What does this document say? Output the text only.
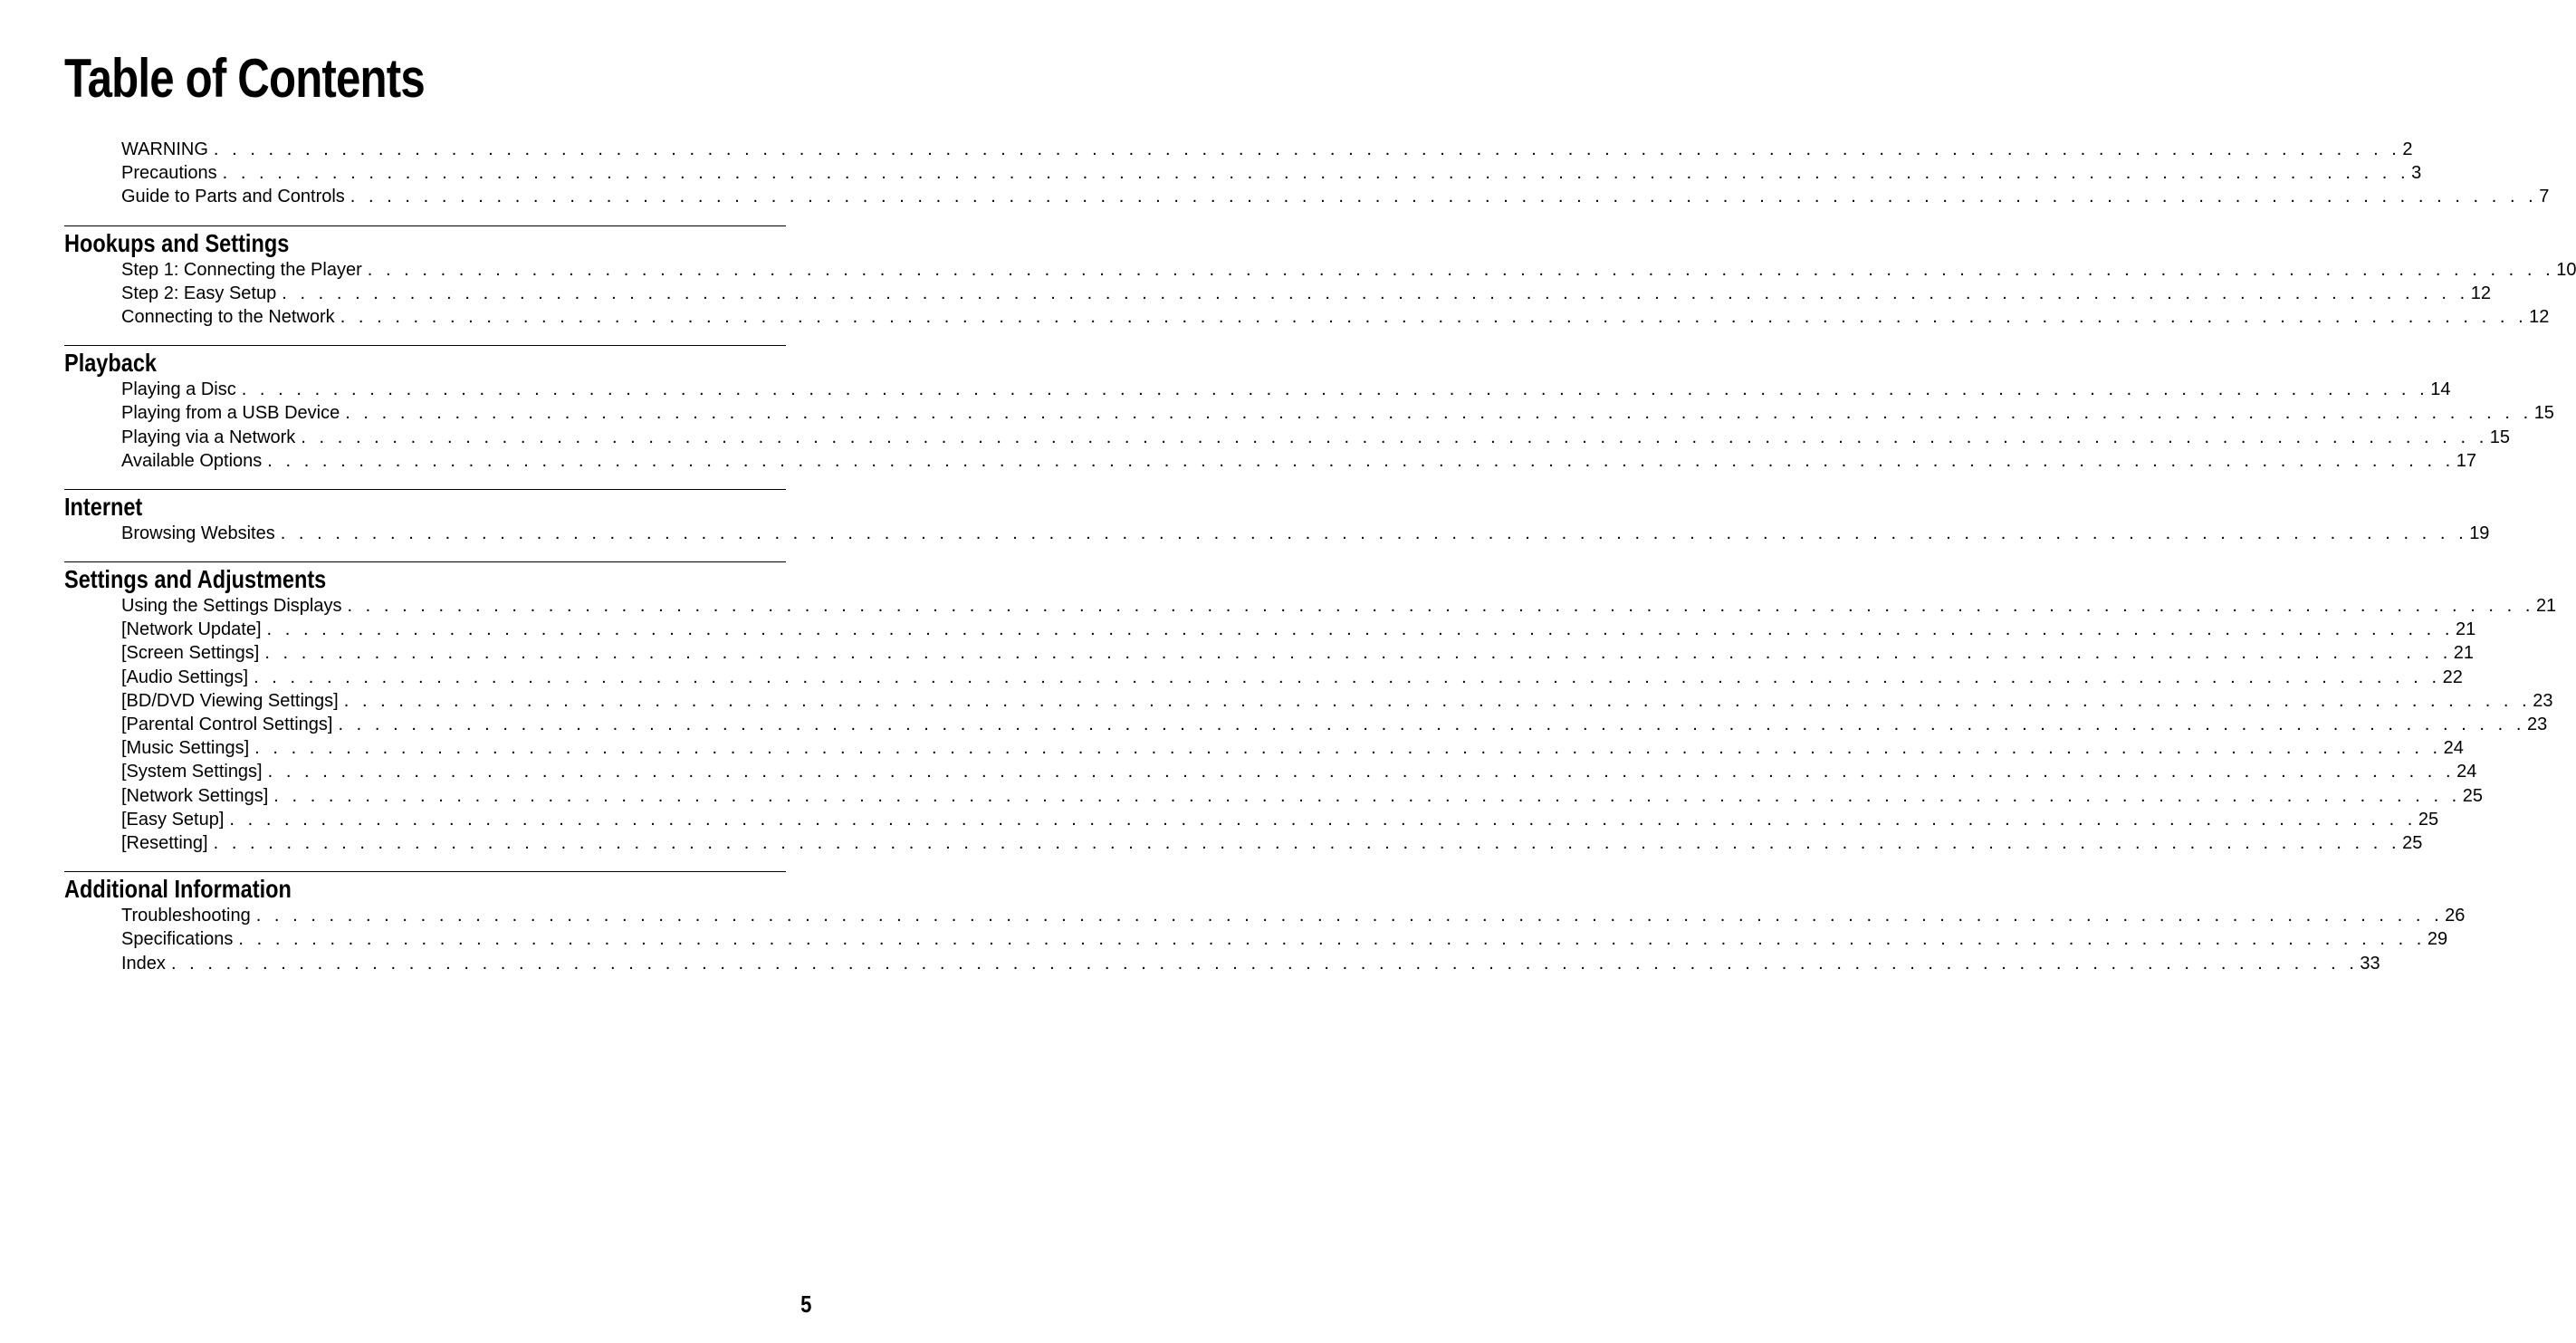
Table of Contents
WARNING . . . . . . . . . . . . . . . . . . . . . . . . . . . . . . . . . . . . . . . . . . . . . . . . . . . . . . . . . . . . . . . . . . . . . . . . . . . . . . . . . . . . . . . . . . . . . . . . . . . . . . . . . . . . . . . . . . . . . . . . 2
Precautions . . . . . . . . . . . . . . . . . . . . . . . . . . . . . . . . . . . . . . . . . . . . . . . . . . . . . . . . . . . . . . . . . . . . . . . . . . . . . . . . . . . . . . . . . . . . . . . . . . . . . . . . . . . . . . . . . . . . . . . . 3
Guide to Parts and Controls . . . . . . . . . . . . . . . . . . . . . . . . . . . . . . . . . . . . . . . . . . . . . . . . . . . . . . . . . . . . . . . . . . . . . . . . . . . . . . . . . . . . . . . . . . . . . . . . . . . . . . . . . . . . . . . . . . . . . . . . 7
Hookups and Settings
Step 1: Connecting the Player . . . . . . . . . . . . . . . . . . . . . . . . . . . . . . . . . . . . . . . . . . . . . . . . . . . . . . . . . . . . . . . . . . . . . . . . . . . . . . . . . . . . . . . . . . . . . . . . . . . . . . . . . . . . . . . . . . . . . . . . 10
Step 2: Easy Setup . . . . . . . . . . . . . . . . . . . . . . . . . . . . . . . . . . . . . . . . . . . . . . . . . . . . . . . . . . . . . . . . . . . . . . . . . . . . . . . . . . . . . . . . . . . . . . . . . . . . . . . . . . . . . . . . . . . . . . . . 12
Connecting to the Network . . . . . . . . . . . . . . . . . . . . . . . . . . . . . . . . . . . . . . . . . . . . . . . . . . . . . . . . . . . . . . . . . . . . . . . . . . . . . . . . . . . . . . . . . . . . . . . . . . . . . . . . . . . . . . . . . . . . . . . . 12
Playback
Playing a Disc . . . . . . . . . . . . . . . . . . . . . . . . . . . . . . . . . . . . . . . . . . . . . . . . . . . . . . . . . . . . . . . . . . . . . . . . . . . . . . . . . . . . . . . . . . . . . . . . . . . . . . . . . . . . . . . . . . . . . . . . 14
Playing from a USB Device . . . . . . . . . . . . . . . . . . . . . . . . . . . . . . . . . . . . . . . . . . . . . . . . . . . . . . . . . . . . . . . . . . . . . . . . . . . . . . . . . . . . . . . . . . . . . . . . . . . . . . . . . . . . . . . . . . . . . . . . 15
Playing via a Network . . . . . . . . . . . . . . . . . . . . . . . . . . . . . . . . . . . . . . . . . . . . . . . . . . . . . . . . . . . . . . . . . . . . . . . . . . . . . . . . . . . . . . . . . . . . . . . . . . . . . . . . . . . . . . . . . . . . . . . . 15
Available Options . . . . . . . . . . . . . . . . . . . . . . . . . . . . . . . . . . . . . . . . . . . . . . . . . . . . . . . . . . . . . . . . . . . . . . . . . . . . . . . . . . . . . . . . . . . . . . . . . . . . . . . . . . . . . . . . . . . . . . . . 17
Internet
Browsing Websites . . . . . . . . . . . . . . . . . . . . . . . . . . . . . . . . . . . . . . . . . . . . . . . . . . . . . . . . . . . . . . . . . . . . . . . . . . . . . . . . . . . . . . . . . . . . . . . . . . . . . . . . . . . . . . . . . . . . . . . . 19
Settings and Adjustments
Using the Settings Displays . . . . . . . . . . . . . . . . . . . . . . . . . . . . . . . . . . . . . . . . . . . . . . . . . . . . . . . . . . . . . . . . . . . . . . . . . . . . . . . . . . . . . . . . . . . . . . . . . . . . . . . . . . . . . . . . . . . . . . . . 21
[Network Update] . . . . . . . . . . . . . . . . . . . . . . . . . . . . . . . . . . . . . . . . . . . . . . . . . . . . . . . . . . . . . . . . . . . . . . . . . . . . . . . . . . . . . . . . . . . . . . . . . . . . . . . . . . . . . . . . . . . . . . . . 21
[Screen Settings] . . . . . . . . . . . . . . . . . . . . . . . . . . . . . . . . . . . . . . . . . . . . . . . . . . . . . . . . . . . . . . . . . . . . . . . . . . . . . . . . . . . . . . . . . . . . . . . . . . . . . . . . . . . . . . . . . . . . . . . . 21
[Audio Settings] . . . . . . . . . . . . . . . . . . . . . . . . . . . . . . . . . . . . . . . . . . . . . . . . . . . . . . . . . . . . . . . . . . . . . . . . . . . . . . . . . . . . . . . . . . . . . . . . . . . . . . . . . . . . . . . . . . . . . . . . 22
[BD/DVD Viewing Settings] . . . . . . . . . . . . . . . . . . . . . . . . . . . . . . . . . . . . . . . . . . . . . . . . . . . . . . . . . . . . . . . . . . . . . . . . . . . . . . . . . . . . . . . . . . . . . . . . . . . . . . . . . . . . . . . . . . . . . . . . 23
[Parental Control Settings] . . . . . . . . . . . . . . . . . . . . . . . . . . . . . . . . . . . . . . . . . . . . . . . . . . . . . . . . . . . . . . . . . . . . . . . . . . . . . . . . . . . . . . . . . . . . . . . . . . . . . . . . . . . . . . . . . . . . . . . . 23
[Music Settings] . . . . . . . . . . . . . . . . . . . . . . . . . . . . . . . . . . . . . . . . . . . . . . . . . . . . . . . . . . . . . . . . . . . . . . . . . . . . . . . . . . . . . . . . . . . . . . . . . . . . . . . . . . . . . . . . . . . . . . . . 24
[System Settings] . . . . . . . . . . . . . . . . . . . . . . . . . . . . . . . . . . . . . . . . . . . . . . . . . . . . . . . . . . . . . . . . . . . . . . . . . . . . . . . . . . . . . . . . . . . . . . . . . . . . . . . . . . . . . . . . . . . . . . . . 24
[Network Settings] . . . . . . . . . . . . . . . . . . . . . . . . . . . . . . . . . . . . . . . . . . . . . . . . . . . . . . . . . . . . . . . . . . . . . . . . . . . . . . . . . . . . . . . . . . . . . . . . . . . . . . . . . . . . . . . . . . . . . . . . 25
[Easy Setup] . . . . . . . . . . . . . . . . . . . . . . . . . . . . . . . . . . . . . . . . . . . . . . . . . . . . . . . . . . . . . . . . . . . . . . . . . . . . . . . . . . . . . . . . . . . . . . . . . . . . . . . . . . . . . . . . . . . . . . . . 25
[Resetting] . . . . . . . . . . . . . . . . . . . . . . . . . . . . . . . . . . . . . . . . . . . . . . . . . . . . . . . . . . . . . . . . . . . . . . . . . . . . . . . . . . . . . . . . . . . . . . . . . . . . . . . . . . . . . . . . . . . . . . . . 25
Additional Information
Troubleshooting . . . . . . . . . . . . . . . . . . . . . . . . . . . . . . . . . . . . . . . . . . . . . . . . . . . . . . . . . . . . . . . . . . . . . . . . . . . . . . . . . . . . . . . . . . . . . . . . . . . . . . . . . . . . . . . . . . . . . . . . 26
Specifications . . . . . . . . . . . . . . . . . . . . . . . . . . . . . . . . . . . . . . . . . . . . . . . . . . . . . . . . . . . . . . . . . . . . . . . . . . . . . . . . . . . . . . . . . . . . . . . . . . . . . . . . . . . . . . . . . . . . . . . . 29
Index . . . . . . . . . . . . . . . . . . . . . . . . . . . . . . . . . . . . . . . . . . . . . . . . . . . . . . . . . . . . . . . . . . . . . . . . . . . . . . . . . . . . . . . . . . . . . . . . . . . . . . . . . . . . . . . . . . . . . . . . 33
5
